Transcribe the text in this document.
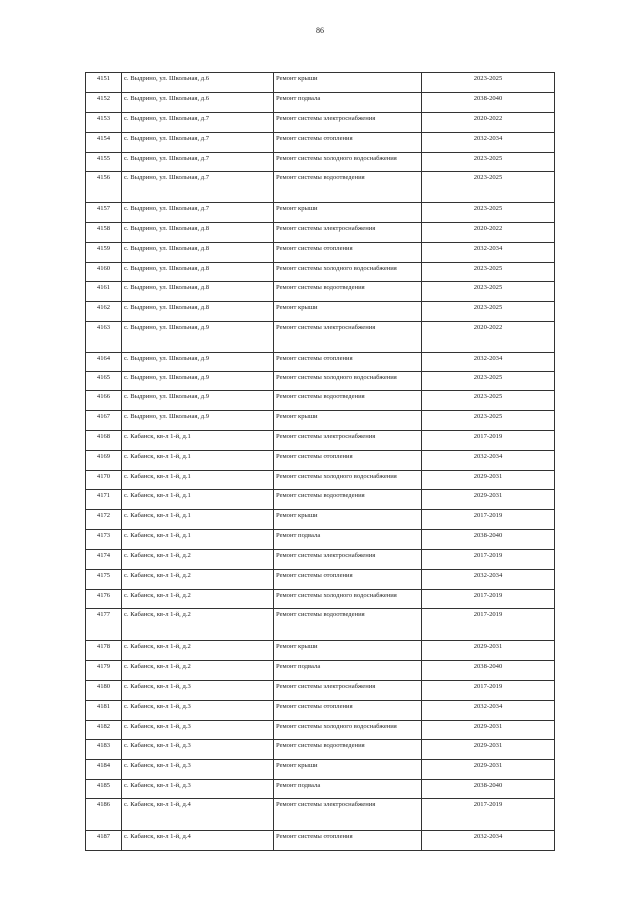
86
4151	с. Выдрино, ул. Школьная, д.6	Ремонт крыши	2023-2025
4152	с. Выдрино, ул. Школьная, д.6	Ремонт подвала	2038-2040
4153	с. Выдрино, ул. Школьная, д.7	Ремонт системы электроснабжения	2020-2022
4154	с. Выдрино, ул. Школьная, д.7	Ремонт системы отопления	2032-2034
4155	с. Выдрино, ул. Школьная, д.7	Ремонт системы холодного водоснабжения	2023-2025
4156	с. Выдрино, ул. Школьная, д.7	Ремонт системы водоотведения	2023-2025
4157	с. Выдрино, ул. Школьная, д.7	Ремонт крыши	2023-2025
4158	с. Выдрино, ул. Школьная, д.8	Ремонт системы электроснабжения	2020-2022
4159	с. Выдрино, ул. Школьная, д.8	Ремонт системы отопления	2032-2034
4160	с. Выдрино, ул. Школьная, д.8	Ремонт системы холодного водоснабжения	2023-2025
4161	с. Выдрино, ул. Школьная, д.8	Ремонт системы водоотведения	2023-2025
4162	с. Выдрино, ул. Школьная, д.8	Ремонт крыши	2023-2025
4163	с. Выдрино, ул. Школьная, д.9	Ремонт системы электроснабжения	2020-2022
4164	с. Выдрино, ул. Школьная, д.9	Ремонт системы отопления	2032-2034
4165	с. Выдрино, ул. Школьная, д.9	Ремонт системы холодного водоснабжения	2023-2025
4166	с. Выдрино, ул. Школьная, д.9	Ремонт системы водоотведения	2023-2025
4167	с. Выдрино, ул. Школьная, д.9	Ремонт крыши	2023-2025
4168	с. Кабанск, кв-л 1-й, д.1	Ремонт системы электроснабжения	2017-2019
4169	с. Кабанск, кв-л 1-й, д.1	Ремонт системы отопления	2032-2034
4170	с. Кабанск, кв-л 1-й, д.1	Ремонт системы холодного водоснабжения	2029-2031
4171	с. Кабанск, кв-л 1-й, д.1	Ремонт системы водоотведения	2029-2031
4172	с. Кабанск, кв-л 1-й, д.1	Ремонт крыши	2017-2019
4173	с. Кабанск, кв-л 1-й, д.1	Ремонт подвала	2038-2040
4174	с. Кабанск, кв-л 1-й, д.2	Ремонт системы электроснабжения	2017-2019
4175	с. Кабанск, кв-л 1-й, д.2	Ремонт системы отопления	2032-2034
4176	с. Кабанск, кв-л 1-й, д.2	Ремонт системы холодного водоснабжения	2017-2019
4177	с. Кабанск, кв-л 1-й, д.2	Ремонт системы водоотведения	2017-2019
4178	с. Кабанск, кв-л 1-й, д.2	Ремонт крыши	2029-2031
4179	с. Кабанск, кв-л 1-й, д.2	Ремонт подвала	2038-2040
4180	с. Кабанск, кв-л 1-й, д.3	Ремонт системы электроснабжения	2017-2019
4181	с. Кабанск, кв-л 1-й, д.3	Ремонт системы отопления	2032-2034
4182	с. Кабанск, кв-л 1-й, д.3	Ремонт системы холодного водоснабжения	2029-2031
4183	с. Кабанск, кв-л 1-й, д.3	Ремонт системы водоотведения	2029-2031
4184	с. Кабанск, кв-л 1-й, д.3	Ремонт крыши	2029-2031
4185	с. Кабанск, кв-л 1-й, д.3	Ремонт подвала	2038-2040
4186	с. Кабанск, кв-л 1-й, д.4	Ремонт системы электроснабжения	2017-2019
4187	с. Кабанск, кв-л 1-й, д.4	Ремонт системы отопления	2032-2034
